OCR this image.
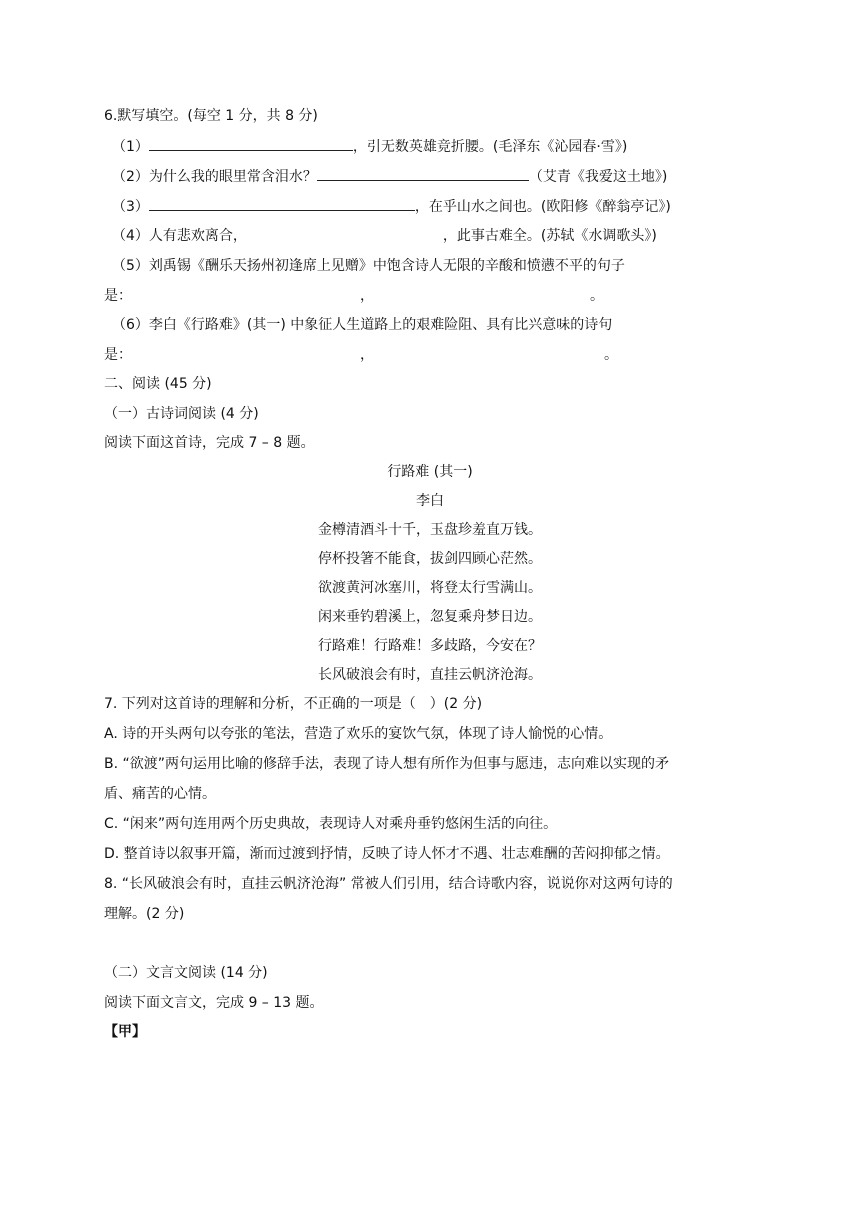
6.默写填空。(每空 1 分，共 8 分)
（1）	，引无数英雄竞折腰。(毛泽东《沁园春·雪》)
（2）为什么我的眼里常含泪水？	（艾青《我爱这土地》)
（3）	，在乎山水之间也。(欧阳修《醉翁亭记》)
（4）人有悲欢离合，	，此事古难全。(苏轼《水调歌头》)
（5）刘禹锡《酬乐天扬州初逢席上见赠》中饱含诗人无限的辛酸和愤懑不平的句子
是：	，	。
（6）李白《行路难》(其一) 中象征人生道路上的艰难险阻、具有比兴意味的诗句
是：	，	。
二、阅读 (45 分)
（一）古诗词阅读 (4 分)
阅读下面这首诗，完成 7 – 8 题。
行路难 (其一)
李白
金樽清酒斗十千，玉盘珍羞直万钱。
停杯投箸不能食，拔剑四顾心茫然。
欲渡黄河冰塞川，将登太行雪满山。
闲来垂钓碧溪上，忽复乘舟梦日边。
行路难！行路难！多歧路，今安在？
长风破浪会有时，直挂云帆济沧海。
7. 下列对这首诗的理解和分析，不正确的一项是（　）(2 分)
A. 诗的开头两句以夸张的笔法，营造了欢乐的宴饮气氛，体现了诗人愉悦的心情。
B. “欲渡”两句运用比喻的修辞手法，表现了诗人想有所作为但事与愿违，志向难以实现的矛
盾、痛苦的心情。
C. “闲来”两句连用两个历史典故，表现诗人对乘舟垂钓悠闲生活的向往。
D. 整首诗以叙事开篇，渐而过渡到抒情，反映了诗人怀才不遇、壮志难酬的苦闷抑郁之情。
8. “长风破浪会有时，直挂云帆济沧海” 常被人们引用，结合诗歌内容，说说你对这两句诗的
理解。(2 分)
（二）文言文阅读 (14 分)
阅读下面文言文，完成 9 – 13 题。
【甲】
